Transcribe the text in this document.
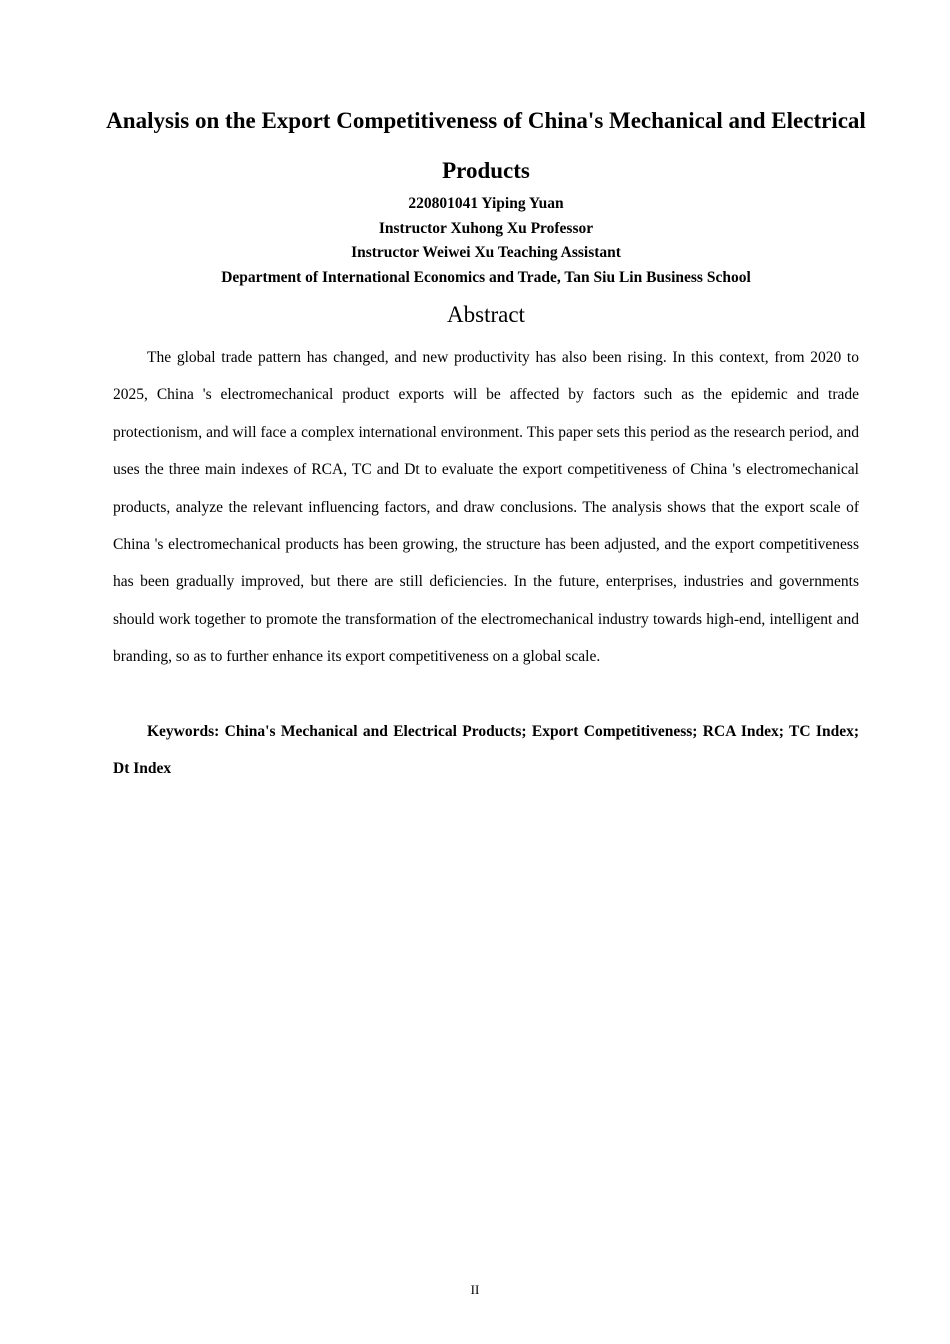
Analysis on the Export Competitiveness of China's Mechanical and Electrical Products
220801041 Yiping Yuan
Instructor Xuhong Xu Professor
Instructor Weiwei Xu Teaching Assistant
Department of International Economics and Trade, Tan Siu Lin Business School
Abstract

The global trade pattern has changed, and new productivity has also been rising. In this context, from 2020 to 2025, China 's electromechanical product exports will be affected by factors such as the epidemic and trade protectionism, and will face a complex international environment. This paper sets this period as the research period, and uses the three main indexes of RCA, TC and Dt to evaluate the export competitiveness of China 's electromechanical products, analyze the relevant influencing factors, and draw conclusions. The analysis shows that the export scale of China 's electromechanical products has been growing, the structure has been adjusted, and the export competitiveness has been gradually improved, but there are still deficiencies. In the future, enterprises, industries and governments should work together to promote the transformation of the electromechanical industry towards high-end, intelligent and branding, so as to further enhance its export competitiveness on a global scale.

Keywords: China's Mechanical and Electrical Products; Export Competitiveness; RCA Index; TC Index; Dt Index

II
